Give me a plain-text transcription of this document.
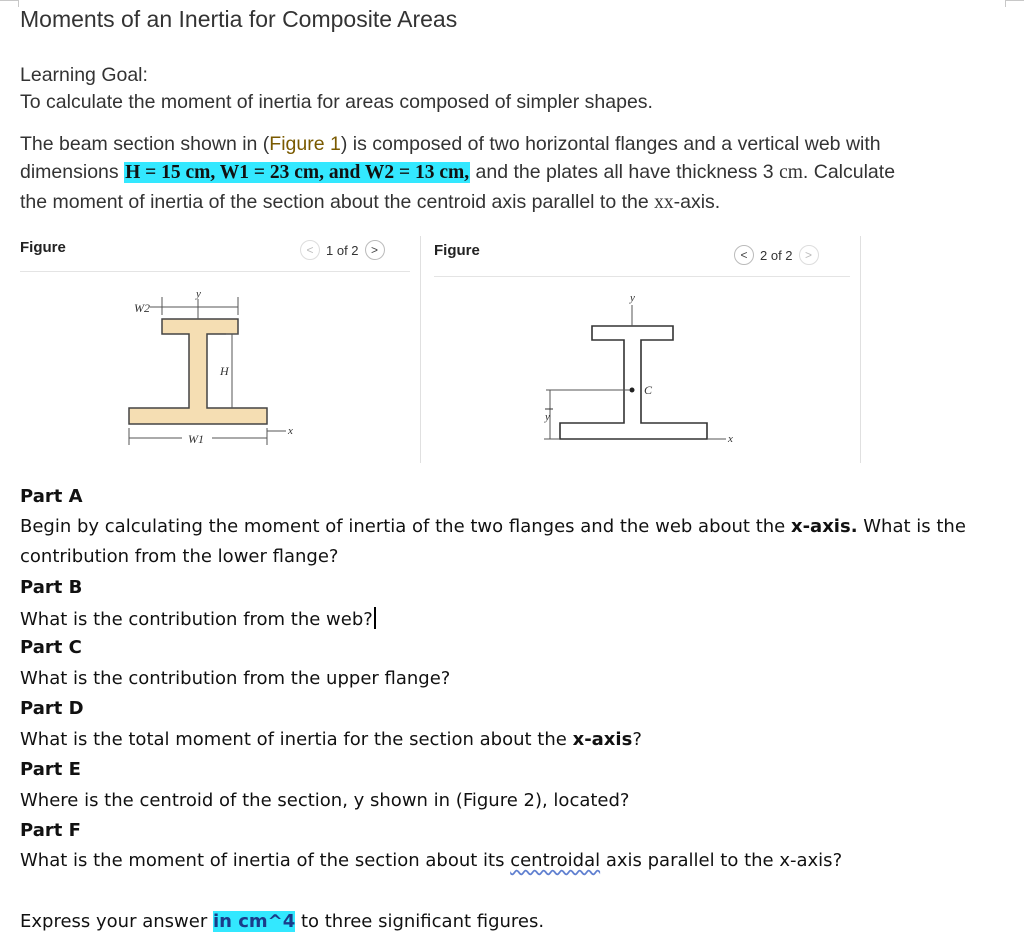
Moments of an Inertia for Composite Areas
Learning Goal:
To calculate the moment of inertia for areas composed of simpler shapes.
The beam section shown in (Figure 1) is composed of two horizontal flanges and a vertical web with
dimensions H = 15 cm, W1 = 23 cm, and W2 = 13 cm, and the plates all have thickness 3 cm. Calculate
the moment of inertia of the section about the centroid axis parallel to the xx-axis.
Figure	< 1 of 2	>
W2
y
H
W1
x
Figure	< 2 of 2	>
y
C
y
x
Part A
Begin by calculating the moment of inertia of the two flanges and the web about the x-axis. What is the
contribution from the lower flange?
Part B
What is the contribution from the web?
Part C
What is the contribution from the upper flange?
Part D
What is the total moment of inertia for the section about the x-axis?
Part E
Where is the centroid of the section, y shown in (Figure 2), located?
Part F
What is the moment of inertia of the section about its centroidal axis parallel to the x-axis?
Express your answer in cm^4 to three significant figures.
